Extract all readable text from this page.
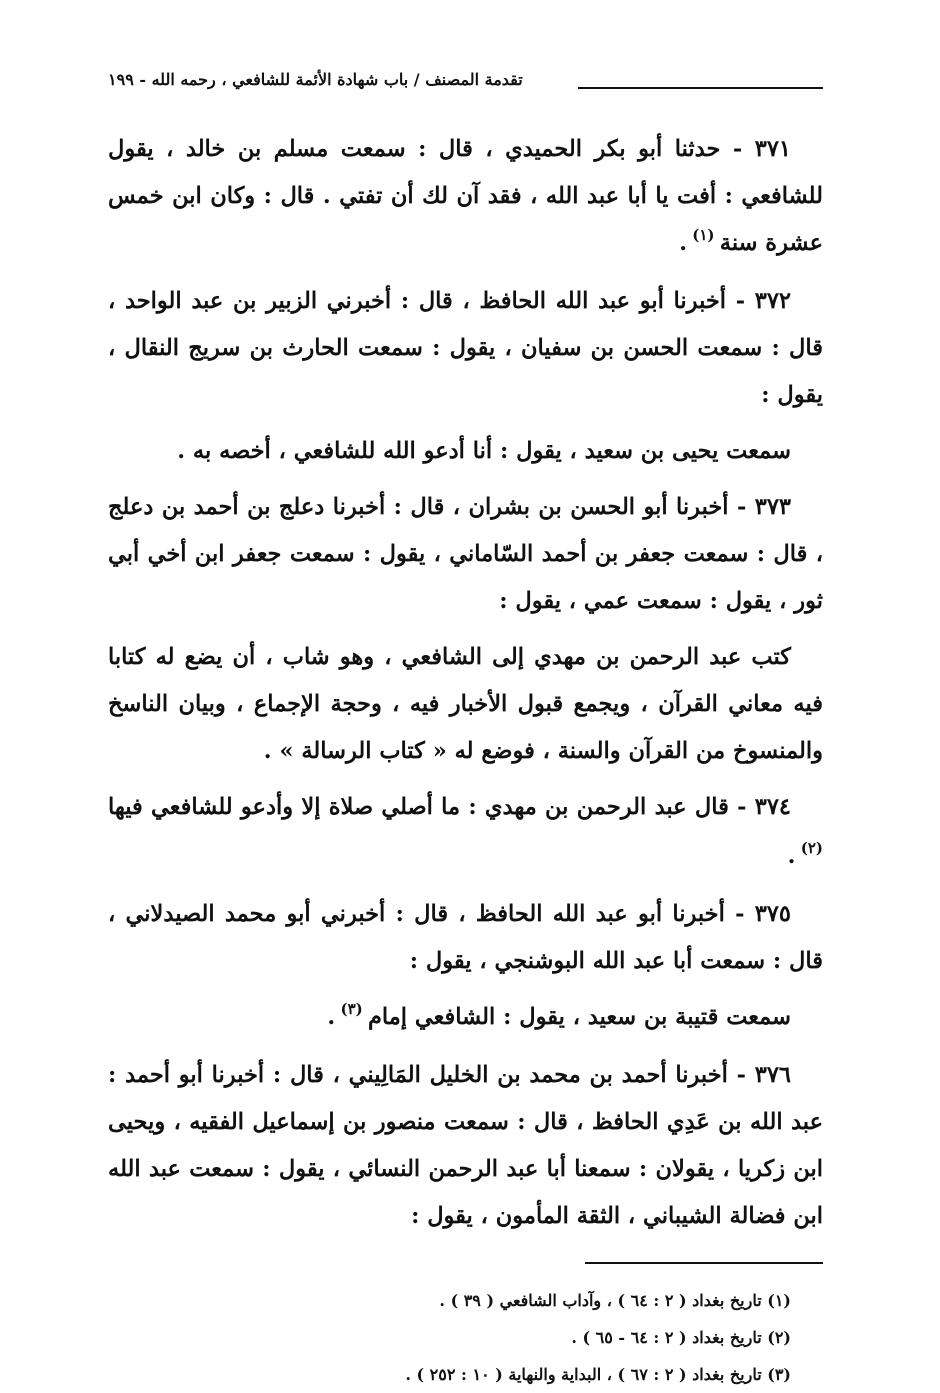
تقدمة المصنف / باب شهادة الأئمة للشافعي ، رحمه الله - ١٩٩

٣٧١ - حدثنا أبو بكر الحميدي ، قال : سمعت مسلم بن خالد ، يقول للشافعي : أفت يا أبا عبد الله ، فقد آن لك أن تفتي . قال : وكان ابن خمس عشرة سنة $^{(١)}$ .

٣٧٢ - أخبرنا أبو عبد الله الحافظ ، قال : أخبرني الزبير بن عبد الواحد ، قال : سمعت الحسن بن سفيان ، يقول : سمعت الحارث بن سريج النقال ، يقول :

سمعت يحيى بن سعيد ، يقول : أنا أدعو الله للشافعي ، أخصه به .

٣٧٣ - أخبرنا أبو الحسن بن بشران ، قال : أخبرنا دعلج بن أحمد بن دعلج ، قال : سمعت جعفر بن أحمد السّاماني ، يقول : سمعت جعفر ابن أخي أبي ثور ، يقول : سمعت عمي ، يقول :

كتب عبد الرحمن بن مهدي إلى الشافعي ، وهو شاب ، أن يضع له كتابا فيه معاني القرآن ، ويجمع قبول الأخبار فيه ، وحجة الإجماع ، وبيان الناسخ والمنسوخ من القرآن والسنة ، فوضع له « كتاب الرسالة » .

٣٧٤ - قال عبد الرحمن بن مهدي : ما أصلي صلاة إلا وأدعو للشافعي فيها $^{(٢)}$ .

٣٧٥ - أخبرنا أبو عبد الله الحافظ ، قال : أخبرني أبو محمد الصيدلاني ، قال : سمعت أبا عبد الله البوشنجي ، يقول :

سمعت قتيبة بن سعيد ، يقول : الشافعي إمام $^{(٣)}$ .

٣٧٦ - أخبرنا أحمد بن محمد بن الخليل المَالِيني ، قال : أخبرنا أبو أحمد : عبد الله بن عَدِي الحافظ ، قال : سمعت منصور بن إسماعيل الفقيه ، ويحيى ابن زكريا ، يقولان : سمعنا أبا عبد الرحمن النسائي ، يقول : سمعت عبد الله ابن فضالة الشيباني ، الثقة المأمون ، يقول :

(١) تاريخ بغداد ( ٢ : ٦٤ ) ، وآداب الشافعي ( ٣٩ ) .
(٢) تاريخ بغداد ( ٢ : ٦٤ - ٦٥ ) .
(٣) تاريخ بغداد ( ٢ : ٦٧ ) ، البداية والنهاية ( ١٠ : ٢٥٢ ) .
